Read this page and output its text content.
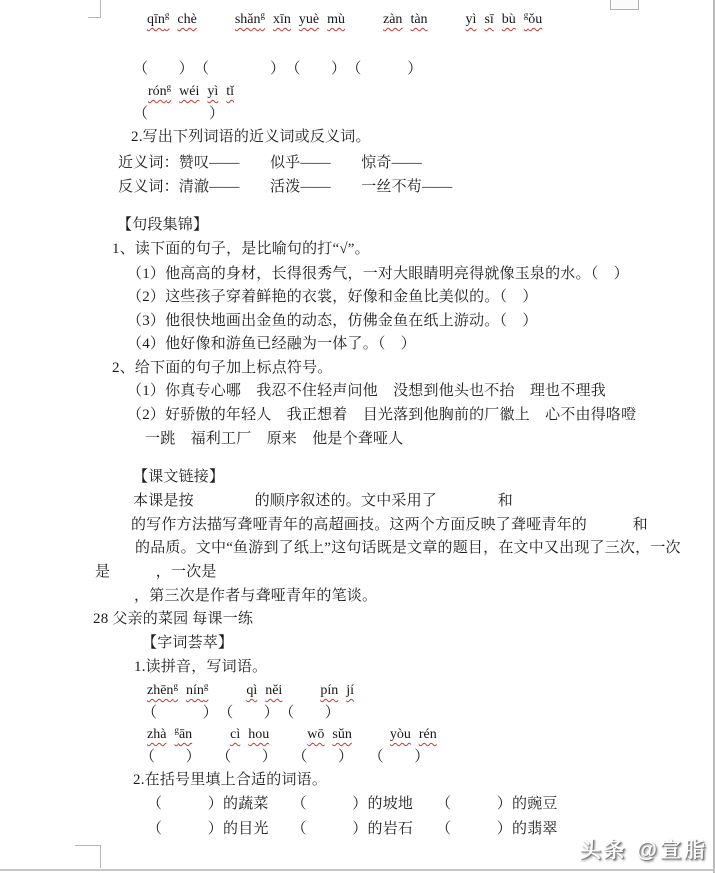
qīn$^g$ chè	shǎn$^g$ xīn yuè mù	zàn tàn	yì sī bù $^g$ǒu
（　　）　（　　　　）　（　　）　（　　　）
rón$^g$ wéi yì tǐ
（　　　　）
2.写出下列词语的近义词或反义词。
近义词：赞叹——　　似乎——　　惊奇——
反义词：清澈——　　活泼——　　一丝不苟——
【句段集锦】
1、读下面的句子，是比喻句的打“√”。
（1）他高高的身材，长得很秀气，一对大眼睛明亮得就像玉泉的水。（　）
（2）这些孩子穿着鲜艳的衣裳，好像和金鱼比美似的。（　）
（3）他很快地画出金鱼的动态，仿佛金鱼在纸上游动。（　）
（4）他好像和游鱼已经融为一体了。（　）
2、给下面的句子加上标点符号。
（1）你真专心哪　我忍不住轻声问他　没想到他头也不抬　理也不理我
（2）好骄傲的年轻人　我正想着　目光落到他胸前的厂徽上　心不由得咯噔
一跳　福利工厂　原来　他是个聋哑人
【课文链接】
本课是按　　　　的顺序叙述的。文中采用了　　　　和
的写作方法描写聋哑青年的高超画技。这两个方面反映了聋哑青年的　　　和
的品质。文中“鱼游到了纸上”这句话既是文章的题目，在文中又出现了三次，一次
是　　　，一次是
，第三次是作者与聋哑青年的笔谈。
28 父亲的菜园 每课一练
【字词荟萃】
1.读拼音，写词语。
zhēn$^g$ nín$^g$	qì něi	pín jí
（　　　）　（　　）　（　　）
zhà $^g$ān	cì hou	wō sǔn	yòu rén
（　　）　　（　　）　　（　　）　　（　　）
2.在括号里填上合适的词语。
（　　　）的蔬菜　　（　　　）的坡地　　（　　　）的豌豆
（　　　）的目光　　（　　　）的岩石　　（　　　）的翡翠
头条 @宣脂
